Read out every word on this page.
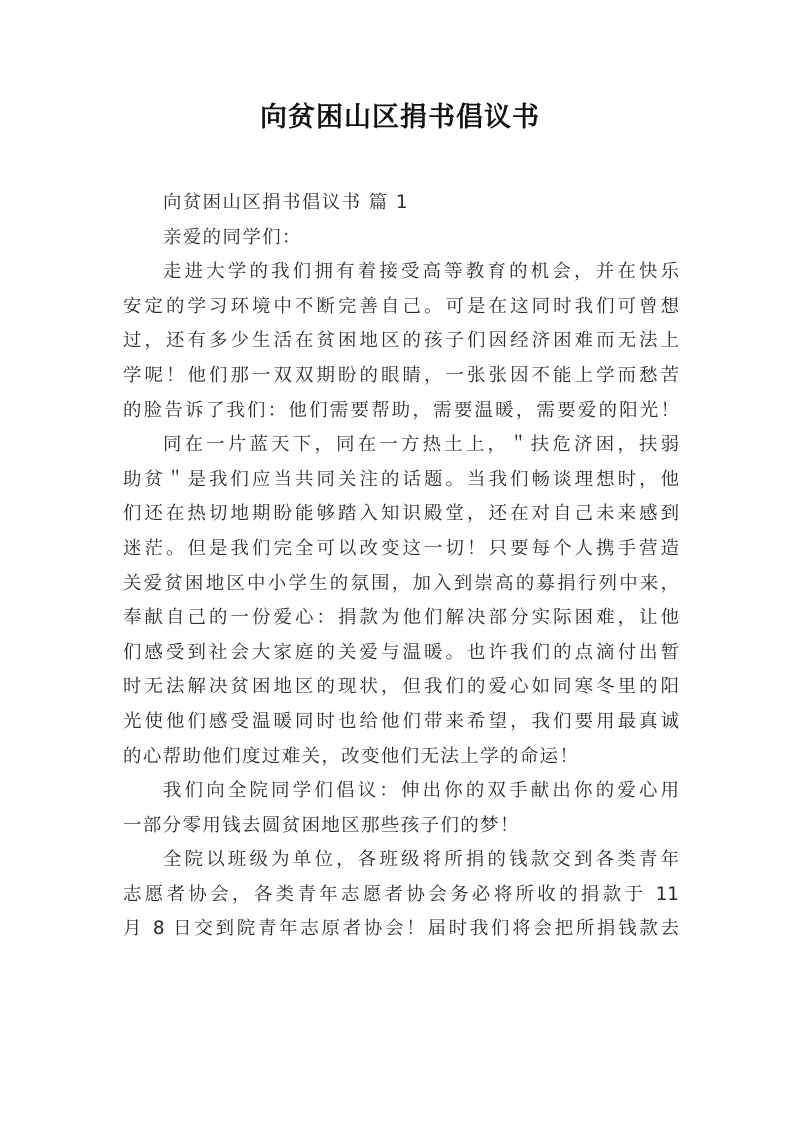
向贫困山区捐书倡议书
向贫困山区捐书倡议书 篇 1
亲爱的同学们：
走进大学的我们拥有着接受高等教育的机会，并在快乐
安定的学习环境中不断完善自己。可是在这同时我们可曾想
过，还有多少生活在贫困地区的孩子们因经济困难而无法上
学呢！他们那一双双期盼的眼睛，一张张因不能上学而愁苦
的脸告诉了我们：他们需要帮助，需要温暖，需要爱的阳光！
同在一片蓝天下，同在一方热土上，＂扶危济困，扶弱
助贫＂是我们应当共同关注的话题。当我们畅谈理想时，他
们还在热切地期盼能够踏入知识殿堂，还在对自己未来感到
迷茫。但是我们完全可以改变这一切！只要每个人携手营造
关爱贫困地区中小学生的氛围，加入到崇高的募捐行列中来，
奉献自己的一份爱心：捐款为他们解决部分实际困难，让他
们感受到社会大家庭的关爱与温暖。也许我们的点滴付出暂
时无法解决贫困地区的现状，但我们的爱心如同寒冬里的阳
光使他们感受温暖同时也给他们带来希望，我们要用最真诚
的心帮助他们度过难关，改变他们无法上学的命运！
我们向全院同学们倡议：伸出你的双手献出你的爱心用
一部分零用钱去圆贫困地区那些孩子们的梦！
全院以班级为单位，各班级将所捐的钱款交到各类青年
志愿者协会，各类青年志愿者协会务必将所收的捐款于 11
月 8 日交到院青年志原者协会！届时我们将会把所捐钱款去
